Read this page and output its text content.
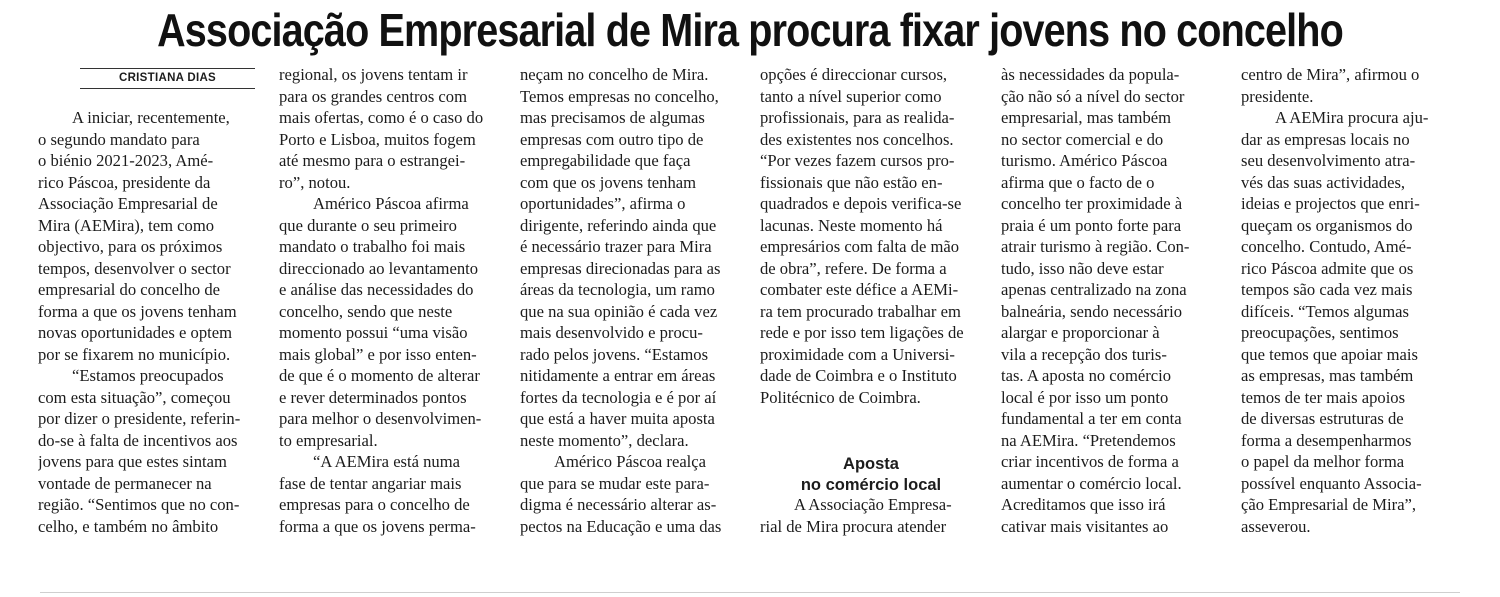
Associação Empresarial de Mira procura fixar jovens no concelho
CRISTIANA DIAS
A iniciar, recentemente,
o segundo mandato para
o biénio 2021-2023, Amé-
rico Páscoa, presidente da
Associação Empresarial de
Mira (AEMira), tem como
objectivo, para os próximos
tempos, desenvolver o sector
empresarial do concelho de
forma a que os jovens tenham
novas oportunidades e optem
por se fixarem no município.
“Estamos preocupados
com esta situação”, começou
por dizer o presidente, referin-
do-se à falta de incentivos aos
jovens para que estes sintam
vontade de permanecer na
região. “Sentimos que no con-
celho, e também no âmbito
regional, os jovens tentam ir
para os grandes centros com
mais ofertas, como é o caso do
Porto e Lisboa, muitos fogem
até mesmo para o estrangei-
ro”, notou.
Américo Páscoa afirma
que durante o seu primeiro
mandato o trabalho foi mais
direccionado ao levantamento
e análise das necessidades do
concelho, sendo que neste
momento possui “uma visão
mais global” e por isso enten-
de que é o momento de alterar
e rever determinados pontos
para melhor o desenvolvimen-
to empresarial.
“A AEMira está numa
fase de tentar angariar mais
empresas para o concelho de
forma a que os jovens perma-
neçam no concelho de Mira.
Temos empresas no concelho,
mas precisamos de algumas
empresas com outro tipo de
empregabilidade que faça
com que os jovens tenham
oportunidades”, afirma o
dirigente, referindo ainda que
é necessário trazer para Mira
empresas direcionadas para as
áreas da tecnologia, um ramo
que na sua opinião é cada vez
mais desenvolvido e procu-
rado pelos jovens. “Estamos
nitidamente a entrar em áreas
fortes da tecnologia e é por aí
que está a haver muita aposta
neste momento”, declara.
Américo Páscoa realça
que para se mudar este para-
digma é necessário alterar as-
pectos na Educação e uma das
opções é direccionar cursos,
tanto a nível superior como
profissionais, para as realida-
des existentes nos concelhos.
“Por vezes fazem cursos pro-
fissionais que não estão en-
quadrados e depois verifica-se
lacunas. Neste momento há
empresários com falta de mão
de obra”, refere. De forma a
combater este défice a AEMi-
ra tem procurado trabalhar em
rede e por isso tem ligações de
proximidade com a Universi-
dade de Coimbra e o Instituto
Politécnico de Coimbra.
A Associação Empresa-
rial de Mira procura atender
às necessidades da popula-
ção não só a nível do sector
empresarial, mas também
no sector comercial e do
turismo. Américo Páscoa
afirma que o facto de o
concelho ter proximidade à
praia é um ponto forte para
atrair turismo à região. Con-
tudo, isso não deve estar
apenas centralizado na zona
balneária, sendo necessário
alargar e proporcionar à
vila a recepção dos turis-
tas. A aposta no comércio
local é por isso um ponto
fundamental a ter em conta
na AEMira. “Pretendemos
criar incentivos de forma a
aumentar o comércio local.
Acreditamos que isso irá
cativar mais visitantes ao
centro de Mira”, afirmou o
presidente.
A AEMira procura aju-
dar as empresas locais no
seu desenvolvimento atra-
vés das suas actividades,
ideias e projectos que enri-
queçam os organismos do
concelho. Contudo, Amé-
rico Páscoa admite que os
tempos são cada vez mais
difíceis. “Temos algumas
preocupações, sentimos
que temos que apoiar mais
as empresas, mas também
temos de ter mais apoios
de diversas estruturas de
forma a desempenharmos
o papel da melhor forma
possível enquanto Associa-
ção Empresarial de Mira”,
asseverou.
Aposta
no comércio local
